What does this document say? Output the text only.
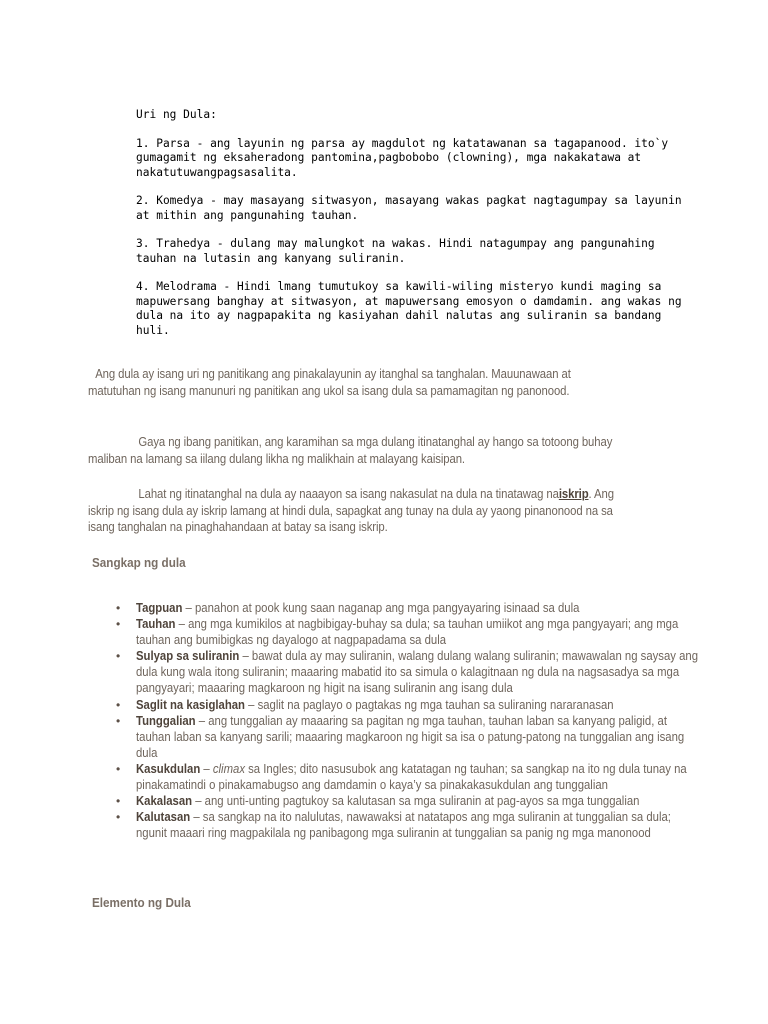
Uri ng Dula:

1. Parsa - ang layunin ng parsa ay magdulot ng katatawanan sa tagapanood. ito`y gumagamit ng eksaheradong pantomina,pagbobobo (clowning), mga nakakatawa at nakatutuwangpagsasalita.

2. Komedya - may masayang sitwasyon, masayang wakas pagkat nagtagumpay sa layunin at mithin ang pangunahing tauhan.

3. Trahedya - dulang may malungkot na wakas. Hindi natagumpay ang pangunahing tauhan na lutasin ang kanyang suliranin.

4. Melodrama - Hindi lmang tumutukoy sa kawili-wiling misteryo kundi maging sa mapuwersang banghay at sitwasyon, at mapuwersang emosyon o damdamin. ang wakas ng dula na ito ay nagpapakita ng kasiyahan dahil nalutas ang suliranin sa bandang huli.

Ang dula ay isang uri ng panitikang ang pinakalayunin ay itanghal sa tanghalan. Mauunawaan at matutuhan ng isang manunuri ng panitikan ang ukol sa isang dula sa pamamagitan ng panonood.
Gaya ng ibang panitikan, ang karamihan sa mga dulang itinatanghal ay hango sa totoong buhay maliban na lamang sa iilang dulang likha ng malikhain at malayang kaisipan.
Lahat ng itinatanghal na dula ay naaayon sa isang nakasulat na dula na tinatawag naiskrip. Ang iskrip ng isang dula ay iskrip lamang at hindi dula, sapagkat ang tunay na dula ay yaong pinanonood na sa isang tanghalan na pinaghahandaan at batay sa isang iskrip.
Sangkap ng dula
• Tagpuan – panahon at pook kung saan naganap ang mga pangyayaring isinaad sa dula
• Tauhan – ang mga kumikilos at nagbibigay-buhay sa dula; sa tauhan umiikot ang mga pangyayari; ang mga tauhan ang bumibigkas ng dayalogo at nagpapadama sa dula
• Sulyap sa suliranin – bawat dula ay may suliranin, walang dulang walang suliranin; mawawalan ng saysay ang dula kung wala itong suliranin; maaaring mabatid ito sa simula o kalagitnaan ng dula na nagsasadya sa mga pangyayari; maaaring magkaroon ng higit na isang suliranin ang isang dula
• Saglit na kasiglahan – saglit na paglayo o pagtakas ng mga tauhan sa suliraning nararanasan
• Tunggalian – ang tunggalian ay maaaring sa pagitan ng mga tauhan, tauhan laban sa kanyang paligid, at tauhan laban sa kanyang sarili; maaaring magkaroon ng higit sa isa o patung-patong na tunggalian ang isang dula
• Kasukdulan – climax sa Ingles; dito nasusubok ang katatagan ng tauhan; sa sangkap na ito ng dula tunay na pinakamatindi o pinakamabugso ang damdamin o kaya’y sa pinakakasukdulan ang tunggalian
• Kakalasan – ang unti-unting pagtukoy sa kalutasan sa mga suliranin at pag-ayos sa mga tunggalian
• Kalutasan – sa sangkap na ito nalulutas, nawawaksi at natatapos ang mga suliranin at tunggalian sa dula; ngunit maaari ring magpakilala ng panibagong mga suliranin at tunggalian sa panig ng mga manonood
Elemento ng Dula
